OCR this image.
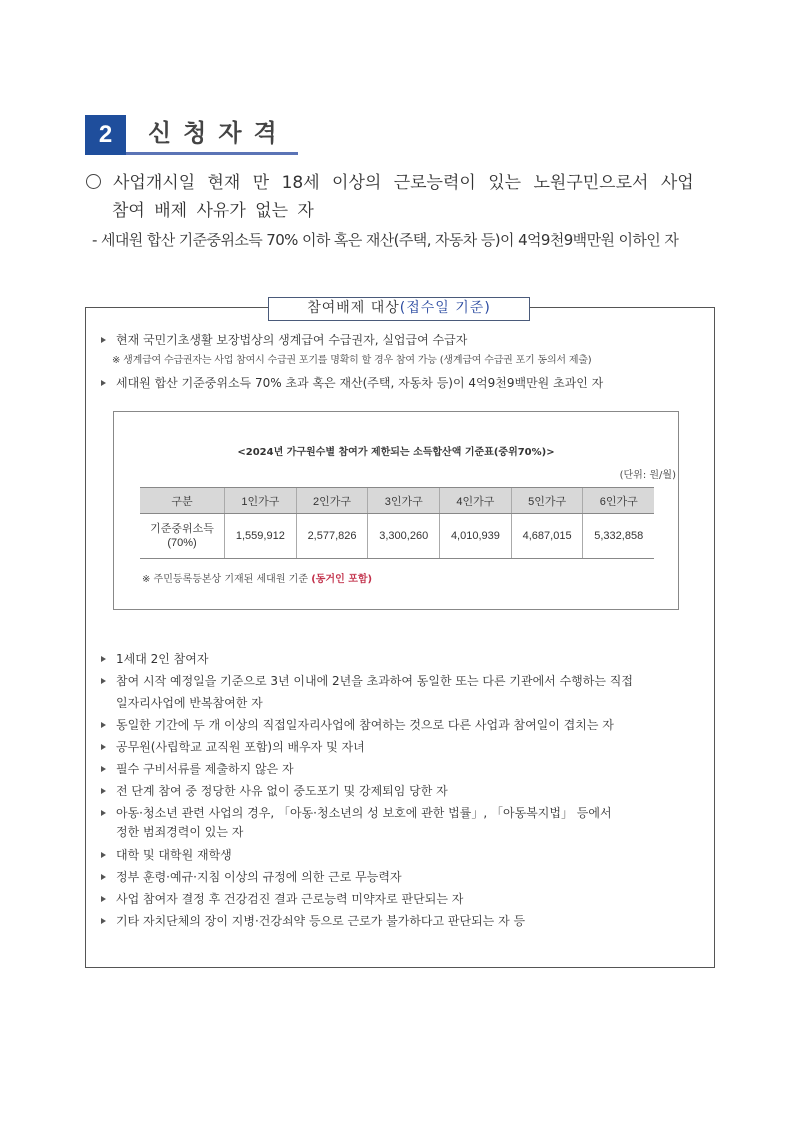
2	신청자격
사업개시일 현재 만 18세 이상의 근로능력이 있는 노원구민으로서 사업
참여 배제 사유가 없는 자
- 세대원 합산 기준중위소득 70% 이하 혹은 재산(주택, 자동차 등)이 4억9천9백만원 이하인 자
참여배제 대상(접수일 기준)
현재 국민기초생활 보장법상의 생계급여 수급권자, 실업급여 수급자
※ 생계급여 수급권자는 사업 참여시 수급권 포기를 명확히 할 경우 참여 가능 (생계급여 수급권 포기 동의서 제출)
세대원 합산 기준중위소득 70% 초과 혹은 재산(주택, 자동차 등)이 4억9천9백만원 초과인 자
<2024년 가구원수별 참여가 제한되는 소득합산액 기준표(중위70%)>
(단위: 원/월)
구분	1인가구	2인가구	3인가구	4인가구	5인가구	6인가구
기준중위소득
(70%)	1,559,912	2,577,826	3,300,260	4,010,939	4,687,015	5,332,858
※ 주민등록등본상 기재된 세대원 기준 (동거인 포함)
1세대 2인 참여자
참여 시작 예정일을 기준으로 3년 이내에 2년을 초과하여 동일한 또는 다른 기관에서 수행하는 직접
일자리사업에 반복참여한 자
동일한 기간에 두 개 이상의 직접일자리사업에 참여하는 것으로 다른 사업과 참여일이 겹치는 자
공무원(사립학교 교직원 포함)의 배우자 및 자녀
필수 구비서류를 제출하지 않은 자
전 단계 참여 중 정당한 사유 없이 중도포기 및 강제퇴임 당한 자
아동·청소년 관련 사업의 경우, 「아동·청소년의 성 보호에 관한 법률」, 「아동복지법」 등에서
정한 범죄경력이 있는 자
대학 및 대학원 재학생
정부 훈령·예규·지침 이상의 규정에 의한 근로 무능력자
사업 참여자 결정 후 건강검진 결과 근로능력 미약자로 판단되는 자
기타 자치단체의 장이 지병·건강쇠약 등으로 근로가 불가하다고 판단되는 자 등
